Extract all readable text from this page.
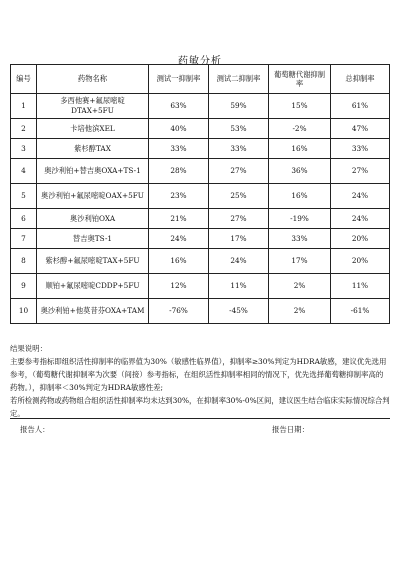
药敏分析
编号	药物名称	测试一抑制率	测试二抑制率	葡萄糖代谢抑制率	总抑制率
1	多西他赛+氟尿嘧啶DTAX+5FU	63%	59%	15%	61%
2	卡培他滨XEL	40%	53%	-2%	47%
3	紫杉醇TAX	33%	33%	16%	33%
4	奥沙利铂+替吉奥OXA+TS-1	28%	27%	36%	27%
5	奥沙利铂+氟尿嘧啶OAX+5FU	23%	25%	16%	24%
6	奥沙利铂OXA	21%	27%	-19%	24%
7	替吉奥TS-1	24%	17%	33%	20%
8	紫杉醇+氟尿嘧啶TAX+5FU	16%	24%	17%	20%
9	顺铂+氟尿嘧啶CDDP+5FU	12%	11%	2%	11%
10	奥沙利铂+他莫昔芬OXA+TAM	-76%	-45%	2%	-61%

结果说明：

主要参考指标即组织活性抑制率的临界值为30%（敏感性临界值），抑制率≥30%判定为HDRA敏感，建议优先选用参考，（葡萄糖代谢抑制率为次要（间接）参考指标，在组织活性抑制率相同的情况下，优先选择葡萄糖抑制率高的药物。），抑制率＜30%判定为HDRA敏感性差;

若所检测药物或药物组合组织活性抑制率均未达到30%，在抑制率30%-0%区间，建议医生结合临床实际情况综合判定。

报告人：	报告日期：
